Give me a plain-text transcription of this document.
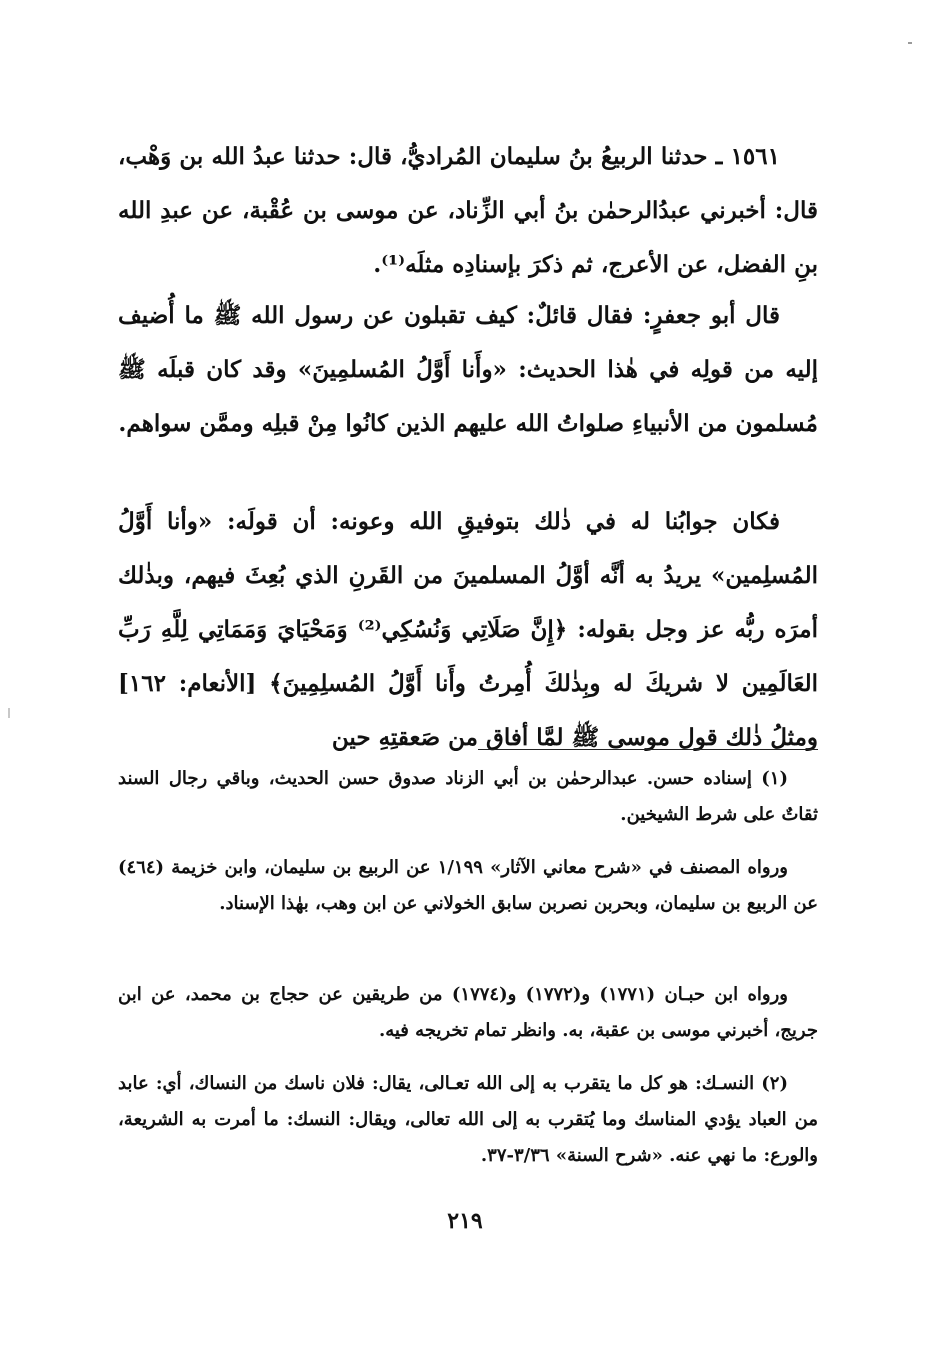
١٥٦١ ـ حدثنا الربيعُ بنُ سليمان المُراديُّ، قال: حدثنا عبدُ الله بن وَهْب، قال: أخبرني عبدُالرحمٰن بنُ أبي الزِّناد، عن موسى بن عُقْبة، عن عبدِ الله بنِ الفضل، عن الأعرج، ثم ذكرَ بإسنادِه مثلَه⁽¹⁾.

قال أبو جعفرٍ: فقال قائلٌ: كيف تقبلون عن رسول الله ﷺ ما أُضيف إليه من قولِه في هٰذا الحديث: «وأَنا أَوَّلُ المُسلمِينَ» وقد كان قبلَه ﷺ مُسلمون من الأنبياءِ صلواتُ الله عليهم الذين كانُوا مِنْ قبلِه وممَّن سواهم.

فكان جوابُنا له في ذٰلك بتوفيقِ الله وعونه: أن قولَه: «وأنا أَوَّلُ المُسلِمين» يريدُ به أنَّه أوَّلُ المسلمينَ من القَرنِ الذي بُعِثَ فيهم، وبذٰلك أمرَه ربُّه عز وجل بقوله: ﴿إِنَّ صَلَاتِي وَنُسُكِي⁽²⁾ وَمَحْيَايَ وَمَمَاتِي لِلَّهِ رَبِّ العَالَمِين لا شريكَ له وبِذٰلكَ أُمِرتُ وأَنا أَوَّلُ المُسلِمِينَ﴾ [الأنعام: ١٦٢] ومثلُ ذٰلك قول موسى ﷺ لمَّا أفاق من صَعقتِهِ حين

(١) إسناده حسن. عبدالرحمٰن بن أبي الزناد صدوق حسن الحديث، وباقي رجال السند ثقاتٌ على شرط الشيخين.

ورواه المصنف في «شرح معاني الآثار» ١/١٩٩ عن الربيع بن سليمان، وابن خزيمة (٤٦٤) عن الربيع بن سليمان، وبحربن نصربن سابق الخولاني عن ابن وهب، بهٰذا الإسناد.

ورواه ابن حبـان (١٧٧١) و(١٧٧٢) و(١٧٧٤) من طريقين عن حجاج بن محمد، عن ابن جريج، أخبرني موسى بن عقبة، به. وانظر تمام تخريجه فيه.

(٢) النسـك: هو كل ما يتقرب به إلى الله تعـالى، يقال: فلان ناسك من النساك، أي: عابد من العباد يؤدي المناسك وما يُتقرب به إلى الله تعالى، ويقال: النسك: ما أمرت به الشريعة، والورع: ما نهي عنه. «شرح السنة» ٣/٣٦-٣٧.

٢١٩
